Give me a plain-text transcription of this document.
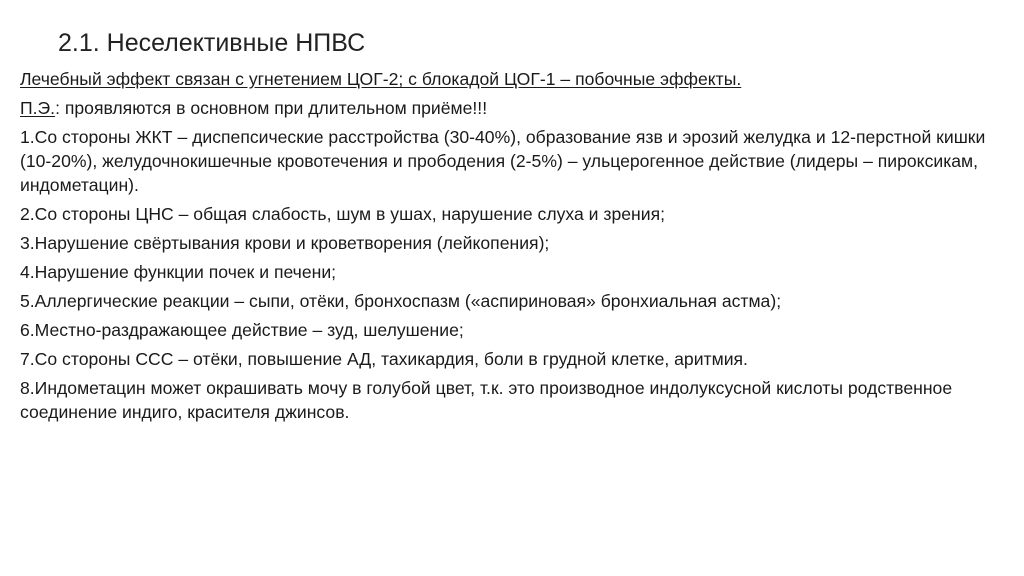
2.1. Неселективные НПВС

Лечебный эффект связан с угнетением ЦОГ-2; с блокадой ЦОГ-1 – побочные эффекты.

П.Э.: проявляются в основном при длительном приёме!!!

1.Со стороны ЖКТ – диспепсические расстройства (30-40%), образование язв и эрозий желудка и 12-перстной кишки (10-20%), желудочнокишечные кровотечения и прободения (2-5%) – ульцерогенное действие (лидеры – пироксикам, индометацин).

2.Со стороны ЦНС – общая слабость, шум в ушах, нарушение слуха и зрения;

3.Нарушение свёртывания крови и кроветворения (лейкопения);

4.Нарушение функции почек и печени;

5.Аллергические реакции – сыпи, отёки, бронхоспазм («аспириновая» бронхиальная астма);

6.Местно-раздражающее действие – зуд, шелушение;

7.Со стороны ССС – отёки, повышение АД, тахикардия, боли в грудной клетке, аритмия.

8.Индометацин может окрашивать мочу в голубой цвет, т.к. это производное индолуксусной кислоты родственное соединение индиго, красителя джинсов.
